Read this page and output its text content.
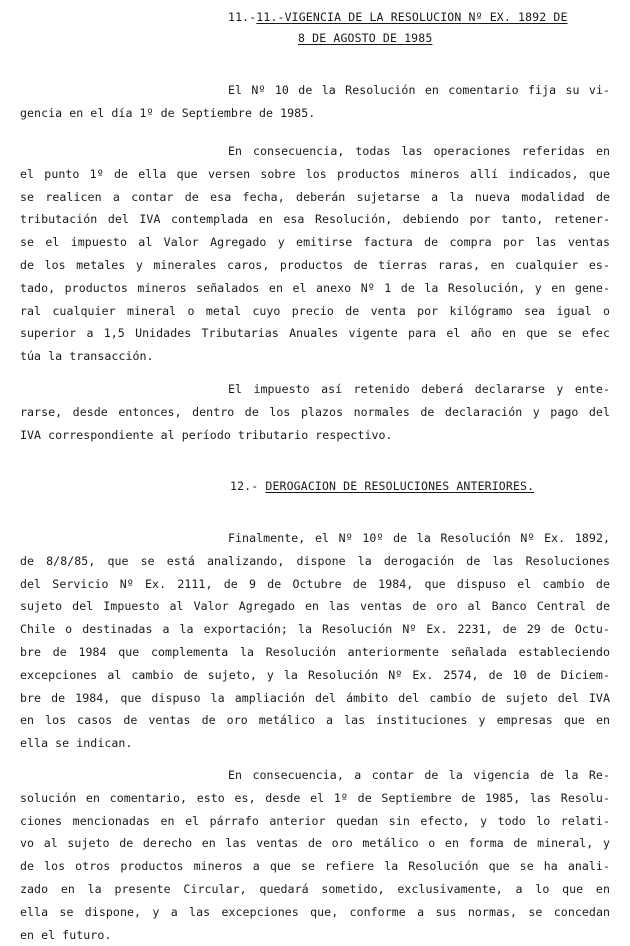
11.-11.-VIGENCIA DE LA RESOLUCION Nº EX. 1892 DE
8 DE AGOSTO DE 1985
El Nº 10 de la Resolución en comentario fija su vi-
gencia en el día 1º de Septiembre de 1985.
En consecuencia, todas las operaciones referidas en
el punto 1º de ella que versen sobre los productos mineros allí indicados, que
se realicen a contar de esa fecha, deberán sujetarse a la nueva modalidad de
tributación del IVA contemplada en esa Resolución, debiendo por tanto, retener-
se el impuesto al Valor Agregado y emitirse factura de compra por las ventas
de los metales y minerales caros, productos de tierras raras, en cualquier es-
tado, productos mineros señalados en el anexo Nº 1 de la Resolución, y en gene-
ral cualquier mineral o metal cuyo precio de venta por kilógramo sea igual o
superior a 1,5 Unidades Tributarias Anuales vigente para el año en que se efec
túa la transacción.
El impuesto así retenido deberá declararse y ente-
rarse, desde entonces, dentro de los plazos normales de declaración y pago del
IVA correspondiente al período tributario respectivo.
12.- DEROGACION DE RESOLUCIONES ANTERIORES.
Finalmente, el Nº 10º de la Resolución Nº Ex. 1892,
de 8/8/85, que se está analizando, dispone la derogación de las Resoluciones
del Servicio Nº Ex. 2111, de 9 de Octubre de 1984, que dispuso el cambio de
sujeto del Impuesto al Valor Agregado en las ventas de oro al Banco Central de
Chile o destinadas a la exportación; la Resolución Nº Ex. 2231, de 29 de Octu-
bre de 1984 que complementa la Resolución anteriormente señalada estableciendo
excepciones al cambio de sujeto, y la Resolución Nº Ex. 2574, de 10 de Diciem-
bre de 1984, que dispuso la ampliación del ámbito del cambio de sujeto del IVA
en los casos de ventas de oro metálico a las instituciones y empresas que en
ella se indican.
En consecuencia, a contar de la vigencia de la Re-
solución en comentario, esto es, desde el 1º de Septiembre de 1985, las Resolu-
ciones mencionadas en el párrafo anterior quedan sin efecto, y todo lo relati-
vo al sujeto de derecho en las ventas de oro metálico o en forma de mineral, y
de los otros productos mineros a que se refiere la Resolución que se ha anali-
zado en la presente Circular, quedará sometido, exclusivamente, a lo que en
ella se dispone, y a las excepciones que, conforme a sus normas, se concedan
en el futuro.
